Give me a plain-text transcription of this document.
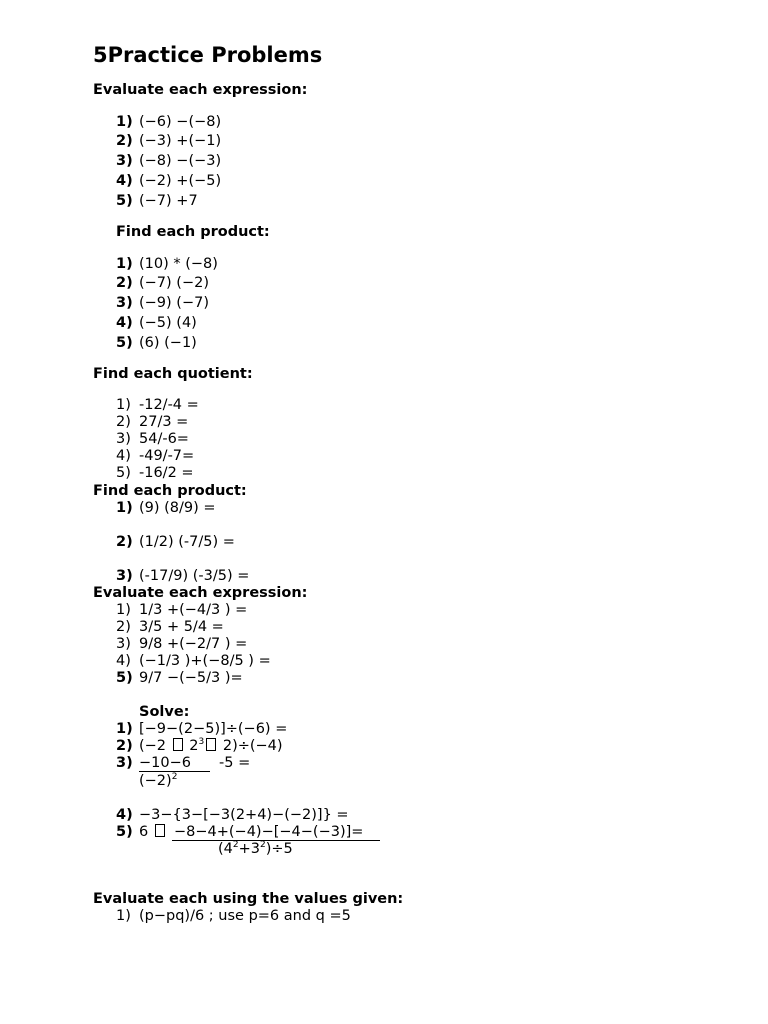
5Practice Problems
Evaluate each expression:
1) (−6) −(−8)
2) (−3) +(−1)
3) (−8) −(−3)
4) (−2) +(−5)
5) (−7) +7
Find each product:
1) (10) * (−8)
2) (−7) (−2)
3) (−9) (−7)
4) (−5) (4)
5) (6) (−1)
Find each quotient:
1) -12/-4 =
2) 27/3 =
3) 54/-6=
4) -49/-7=
5) -16/2 =
Find each product:
1) (9) (8/9) =
2) (1/2) (-7/5) =
3) (-17/9) (-3/5) =
Evaluate each expression:
1) 1/3 +(−4/3 ) =
2) 3/5 + 5/4 =
3) 9/8 +(−2/7 ) =
4) (−1/3 )+(−8/5 ) =
5) 9/7 −(−5/3 )=
Solve:
1) [−9−(2−5)]÷(−6) =
2) (−2 $2^3$ 2)÷(−4)
3) −10−6 -5 =
$(-2)^2$
4) −3−{3−[−3(2+4)−(−2)]} =
5) 6	−8−4+(−4)−[−4−(−3)]=
$(4^2+3^2)\div 5$
Evaluate each using the values given:
1) (p−pq)/6 ; use p=6 and q =5
